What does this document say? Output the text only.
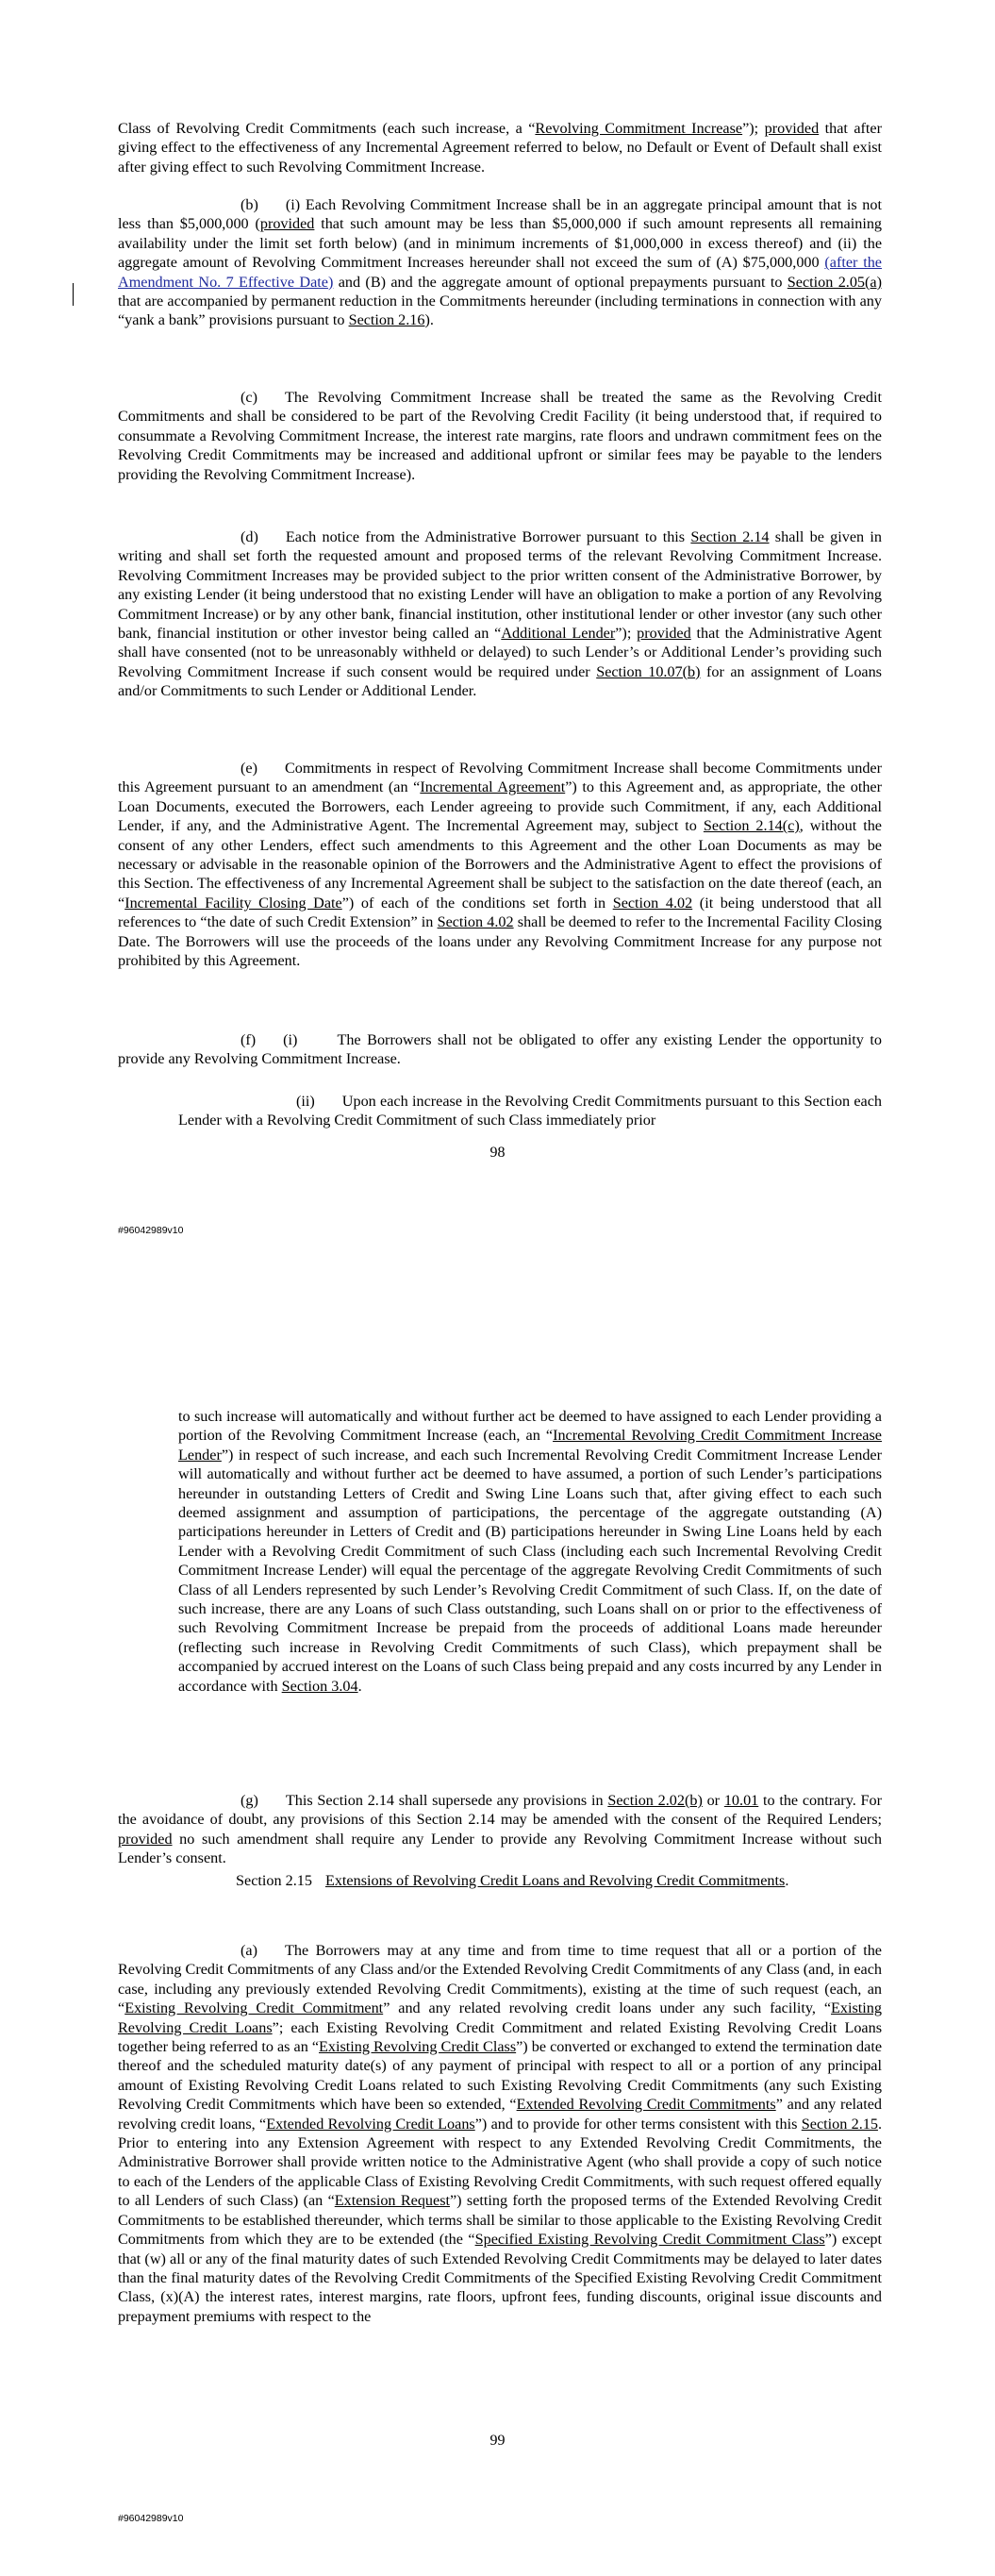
Class of Revolving Credit Commitments (each such increase, a “Revolving Commitment Increase”); provided that after giving effect to the effectiveness of any Incremental Agreement referred to below, no Default or Event of Default shall exist after giving effect to such Revolving Commitment Increase.

(b) (i) Each Revolving Commitment Increase shall be in an aggregate principal amount that is not less than $5,000,000 (provided that such amount may be less than $5,000,000 if such amount represents all remaining availability under the limit set forth below) (and in minimum increments of $1,000,000 in excess thereof) and (ii) the aggregate amount of Revolving Commitment Increases hereunder shall not exceed the sum of (A) $75,000,000 (after the Amendment No. 7 Effective Date) and (B) and the aggregate amount of optional prepayments pursuant to Section 2.05(a) that are accompanied by permanent reduction in the Commitments hereunder (including terminations in connection with any “yank a bank” provisions pursuant to Section 2.16).

(c) The Revolving Commitment Increase shall be treated the same as the Revolving Credit Commitments and shall be considered to be part of the Revolving Credit Facility (it being understood that, if required to consummate a Revolving Commitment Increase, the interest rate margins, rate floors and undrawn commitment fees on the Revolving Credit Commitments may be increased and additional upfront or similar fees may be payable to the lenders providing the Revolving Commitment Increase).

(d) Each notice from the Administrative Borrower pursuant to this Section 2.14 shall be given in writing and shall set forth the requested amount and proposed terms of the relevant Revolving Commitment Increase. Revolving Commitment Increases may be provided subject to the prior written consent of the Administrative Borrower, by any existing Lender (it being understood that no existing Lender will have an obligation to make a portion of any Revolving Commitment Increase) or by any other bank, financial institution, other institutional lender or other investor (any such other bank, financial institution or other investor being called an “Additional Lender”); provided that the Administrative Agent shall have consented (not to be unreasonably withheld or delayed) to such Lender’s or Additional Lender’s providing such Revolving Commitment Increase if such consent would be required under Section 10.07(b) for an assignment of Loans and/or Commitments to such Lender or Additional Lender.

(e) Commitments in respect of Revolving Commitment Increase shall become Commitments under this Agreement pursuant to an amendment (an “Incremental Agreement”) to this Agreement and, as appropriate, the other Loan Documents, executed the Borrowers, each Lender agreeing to provide such Commitment, if any, each Additional Lender, if any, and the Administrative Agent. The Incremental Agreement may, subject to Section 2.14(c), without the consent of any other Lenders, effect such amendments to this Agreement and the other Loan Documents as may be necessary or advisable in the reasonable opinion of the Borrowers and the Administrative Agent to effect the provisions of this Section. The effectiveness of any Incremental Agreement shall be subject to the satisfaction on the date thereof (each, an “Incremental Facility Closing Date”) of each of the conditions set forth in Section 4.02 (it being understood that all references to “the date of such Credit Extension” in Section 4.02 shall be deemed to refer to the Incremental Facility Closing Date. The Borrowers will use the proceeds of the loans under any Revolving Commitment Increase for any purpose not prohibited by this Agreement.

(f) (i)	The Borrowers shall not be obligated to offer any existing Lender the opportunity to provide any Revolving Commitment Increase.

(ii) Upon each increase in the Revolving Credit Commitments pursuant to this Section each Lender with a Revolving Credit Commitment of such Class immediately prior

98
#96042989v10

to such increase will automatically and without further act be deemed to have assigned to each Lender providing a portion of the Revolving Commitment Increase (each, an “Incremental Revolving Credit Commitment Increase Lender”) in respect of such increase, and each such Incremental Revolving Credit Commitment Increase Lender will automatically and without further act be deemed to have assumed, a portion of such Lender’s participations hereunder in outstanding Letters of Credit and Swing Line Loans such that, after giving effect to each such deemed assignment and assumption of participations, the percentage of the aggregate outstanding (A) participations hereunder in Letters of Credit and (B) participations hereunder in Swing Line Loans held by each Lender with a Revolving Credit Commitment of such Class (including each such Incremental Revolving Credit Commitment Increase Lender) will equal the percentage of the aggregate Revolving Credit Commitments of such Class of all Lenders represented by such Lender’s Revolving Credit Commitment of such Class. If, on the date of such increase, there are any Loans of such Class outstanding, such Loans shall on or prior to the effectiveness of such Revolving Commitment Increase be prepaid from the proceeds of additional Loans made hereunder (reflecting such increase in Revolving Credit Commitments of such Class), which prepayment shall be accompanied by accrued interest on the Loans of such Class being prepaid and any costs incurred by any Lender in accordance with Section 3.04.

(g) This Section 2.14 shall supersede any provisions in Section 2.02(b) or 10.01 to the contrary. For the avoidance of doubt, any provisions of this Section 2.14 may be amended with the consent of the Required Lenders; provided no such amendment shall require any Lender to provide any Revolving Commitment Increase without such Lender’s consent.

Section 2.15 Extensions of Revolving Credit Loans and Revolving Credit Commitments.

(a) The Borrowers may at any time and from time to time request that all or a portion of the Revolving Credit Commitments of any Class and/or the Extended Revolving Credit Commitments of any Class (and, in each case, including any previously extended Revolving Credit Commitments), existing at the time of such request (each, an “Existing Revolving Credit Commitment” and any related revolving credit loans under any such facility, “Existing Revolving Credit Loans”; each Existing Revolving Credit Commitment and related Existing Revolving Credit Loans together being referred to as an “Existing Revolving Credit Class”) be converted or exchanged to extend the termination date thereof and the scheduled maturity date(s) of any payment of principal with respect to all or a portion of any principal amount of Existing Revolving Credit Loans related to such Existing Revolving Credit Commitments (any such Existing Revolving Credit Commitments which have been so extended, “Extended Revolving Credit Commitments” and any related revolving credit loans, “Extended Revolving Credit Loans”) and to provide for other terms consistent with this Section 2.15. Prior to entering into any Extension Agreement with respect to any Extended Revolving Credit Commitments, the Administrative Borrower shall provide written notice to the Administrative Agent (who shall provide a copy of such notice to each of the Lenders of the applicable Class of Existing Revolving Credit Commitments, with such request offered equally to all Lenders of such Class) (an “Extension Request”) setting forth the proposed terms of the Extended Revolving Credit Commitments to be established thereunder, which terms shall be similar to those applicable to the Existing Revolving Credit Commitments from which they are to be extended (the “Specified Existing Revolving Credit Commitment Class”) except that (w) all or any of the final maturity dates of such Extended Revolving Credit Commitments may be delayed to later dates than the final maturity dates of the Revolving Credit Commitments of the Specified Existing Revolving Credit Commitment Class, (x)(A) the interest rates, interest margins, rate floors, upfront fees, funding discounts, original issue discounts and prepayment premiums with respect to the

99
#96042989v10
